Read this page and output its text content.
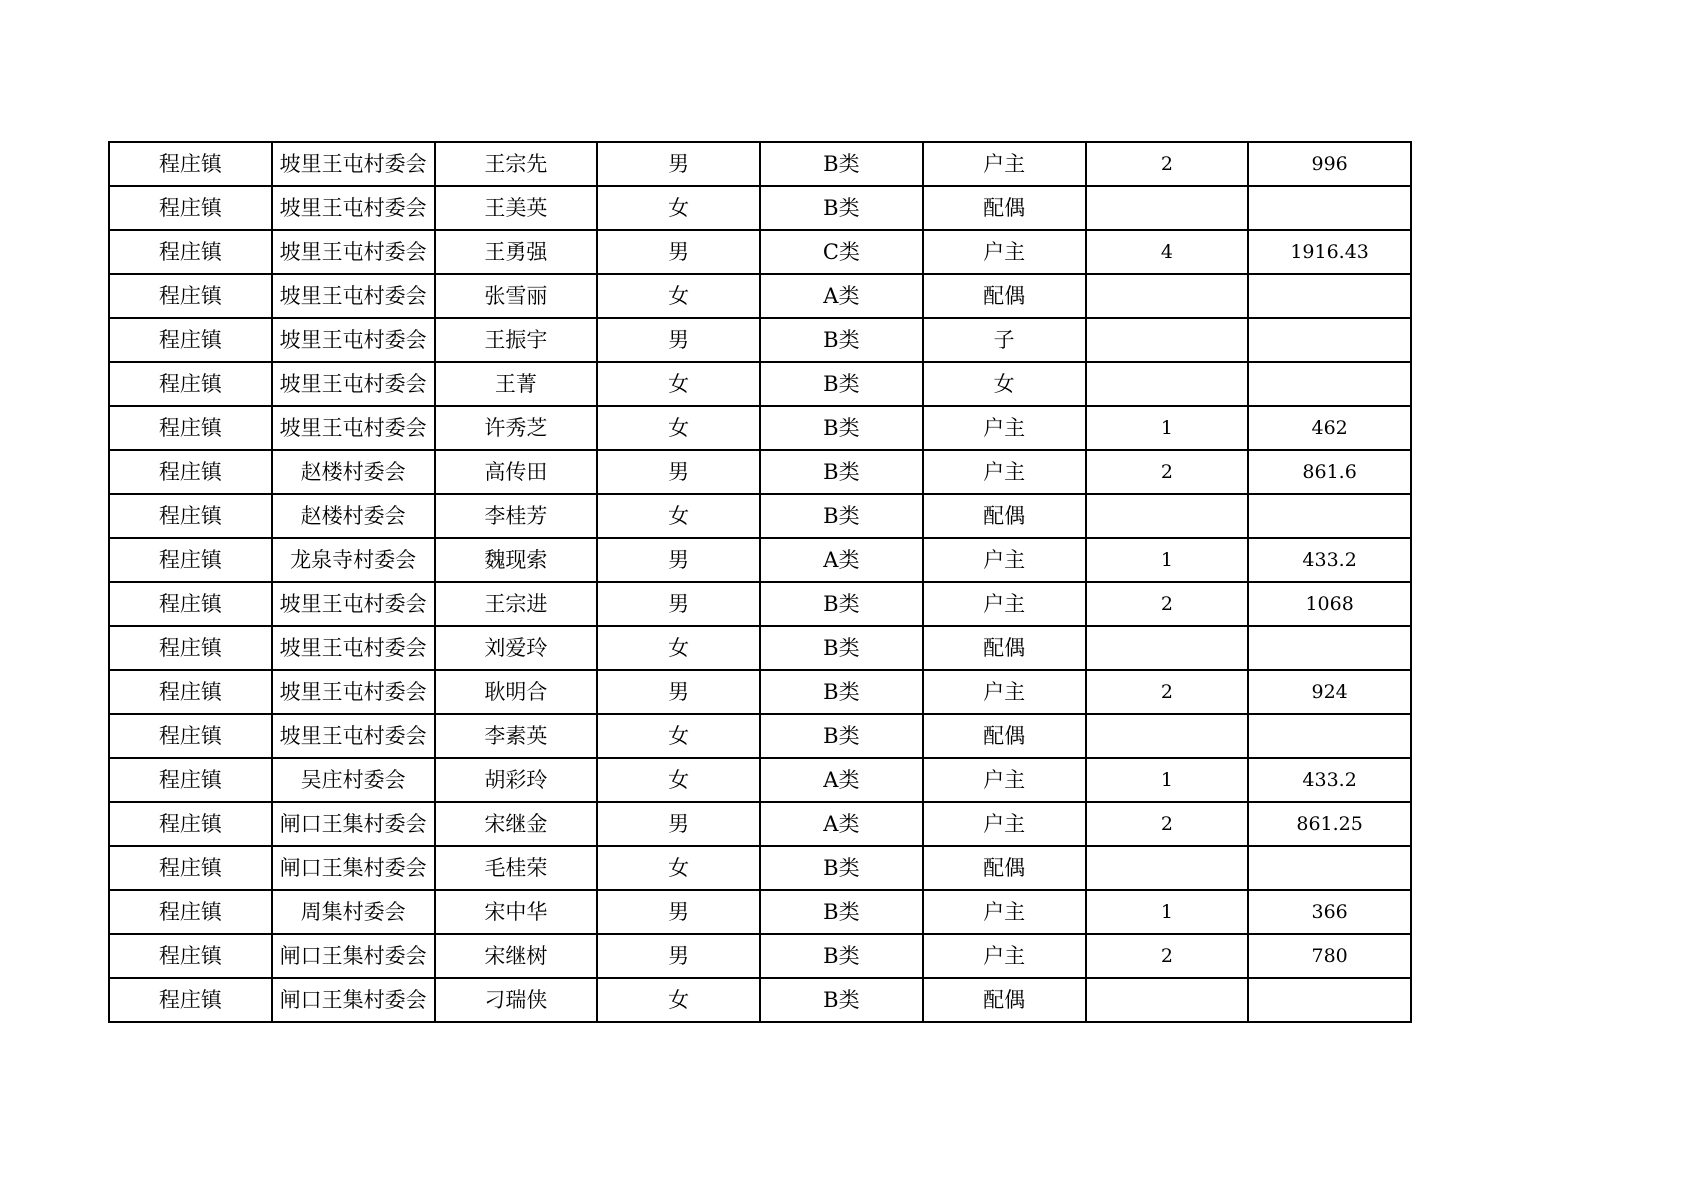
程庄镇	坡里王屯村委会	王宗先	男	B类	户主	2	996
程庄镇	坡里王屯村委会	王美英	女	B类	配偶		
程庄镇	坡里王屯村委会	王勇强	男	C类	户主	4	1916.43
程庄镇	坡里王屯村委会	张雪丽	女	A类	配偶		
程庄镇	坡里王屯村委会	王振宇	男	B类	子		
程庄镇	坡里王屯村委会	王菁	女	B类	女		
程庄镇	坡里王屯村委会	许秀芝	女	B类	户主	1	462
程庄镇	赵楼村委会	高传田	男	B类	户主	2	861.6
程庄镇	赵楼村委会	李桂芳	女	B类	配偶		
程庄镇	龙泉寺村委会	魏现索	男	A类	户主	1	433.2
程庄镇	坡里王屯村委会	王宗进	男	B类	户主	2	1068
程庄镇	坡里王屯村委会	刘爱玲	女	B类	配偶		
程庄镇	坡里王屯村委会	耿明合	男	B类	户主	2	924
程庄镇	坡里王屯村委会	李素英	女	B类	配偶		
程庄镇	吴庄村委会	胡彩玲	女	A类	户主	1	433.2
程庄镇	闸口王集村委会	宋继金	男	A类	户主	2	861.25
程庄镇	闸口王集村委会	毛桂荣	女	B类	配偶		
程庄镇	周集村委会	宋中华	男	B类	户主	1	366
程庄镇	闸口王集村委会	宋继树	男	B类	户主	2	780
程庄镇	闸口王集村委会	刁瑞侠	女	B类	配偶		
